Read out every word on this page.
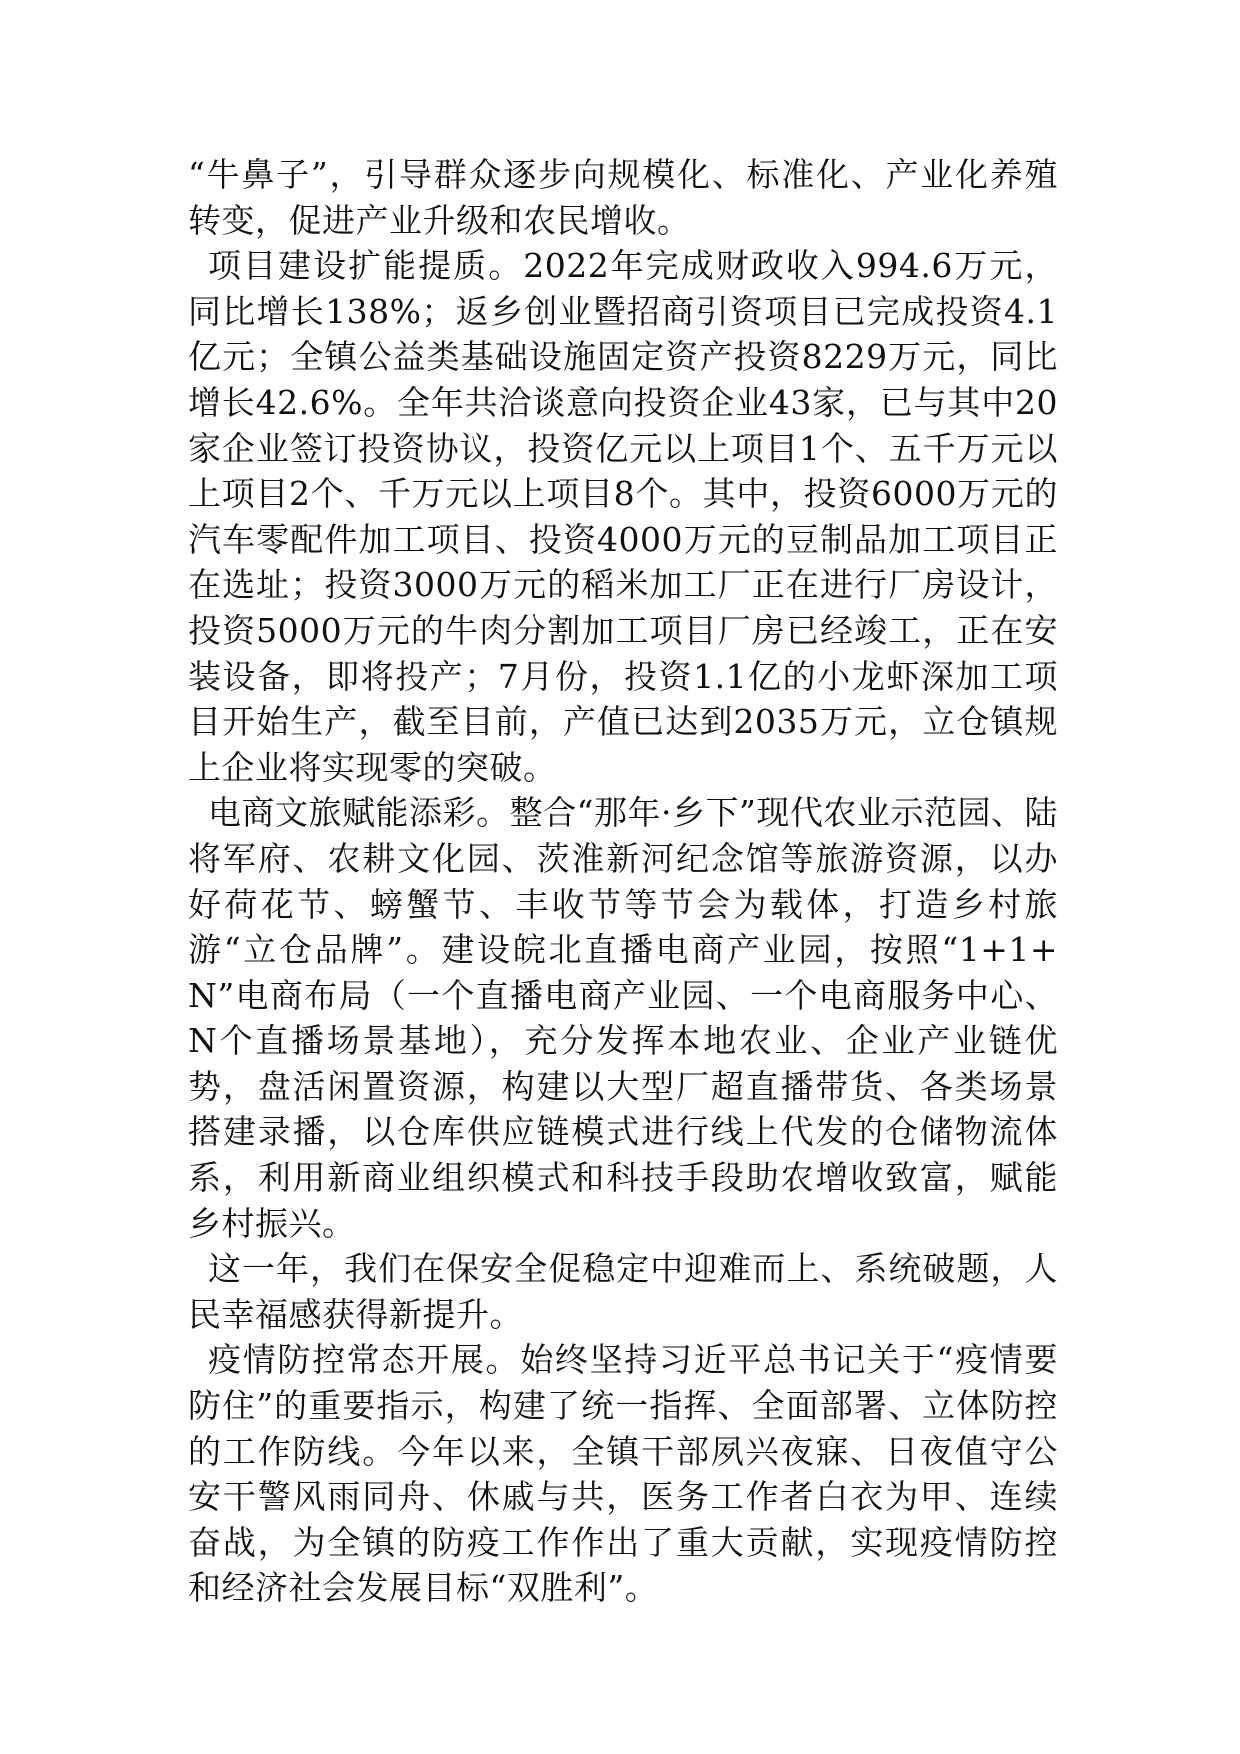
“牛鼻子”，引导群众逐步向规模化、标准化、产业化养殖转变，促进产业升级和农民增收。

项目建设扩能提质。2022年完成财政收入994.6万元，同比增长138%；返乡创业暨招商引资项目已完成投资4.1亿元；全镇公益类基础设施固定资产投资8229万元，同比增长42.6%。全年共洽谈意向投资企业43家，已与其中20家企业签订投资协议，投资亿元以上项目1个、五千万元以上项目2个、千万元以上项目8个。其中，投资6000万元的汽车零配件加工项目、投资4000万元的豆制品加工项目正在选址；投资3000万元的稻米加工厂正在进行厂房设计，投资5000万元的牛肉分割加工项目厂房已经竣工，正在安装设备，即将投产；7月份，投资1.1亿的小龙虾深加工项目开始生产，截至目前，产值已达到2035万元，立仓镇规上企业将实现零的突破。

电商文旅赋能添彩。整合“那年·乡下”现代农业示范园、陆将军府、农耕文化园、茨淮新河纪念馆等旅游资源，以办好荷花节、螃蟹节、丰收节等节会为载体，打造乡村旅游“立仓品牌”。建设皖北直播电商产业园，按照“1+1+N”电商布局（一个直播电商产业园、一个电商服务中心、N个直播场景基地），充分发挥本地农业、企业产业链优势，盘活闲置资源，构建以大型厂超直播带货、各类场景搭建录播，以仓库供应链模式进行线上代发的仓储物流体系，利用新商业组织模式和科技手段助农增收致富，赋能乡村振兴。

这一年，我们在保安全促稳定中迎难而上、系统破题，人民幸福感获得新提升。

疫情防控常态开展。始终坚持习近平总书记关于“疫情要防住”的重要指示，构建了统一指挥、全面部署、立体防控的工作防线。今年以来，全镇干部夙兴夜寐、日夜值守公安干警风雨同舟、休戚与共，医务工作者白衣为甲、连续奋战，为全镇的防疫工作作出了重大贡献，实现疫情防控和经济社会发展目标“双胜利”。
